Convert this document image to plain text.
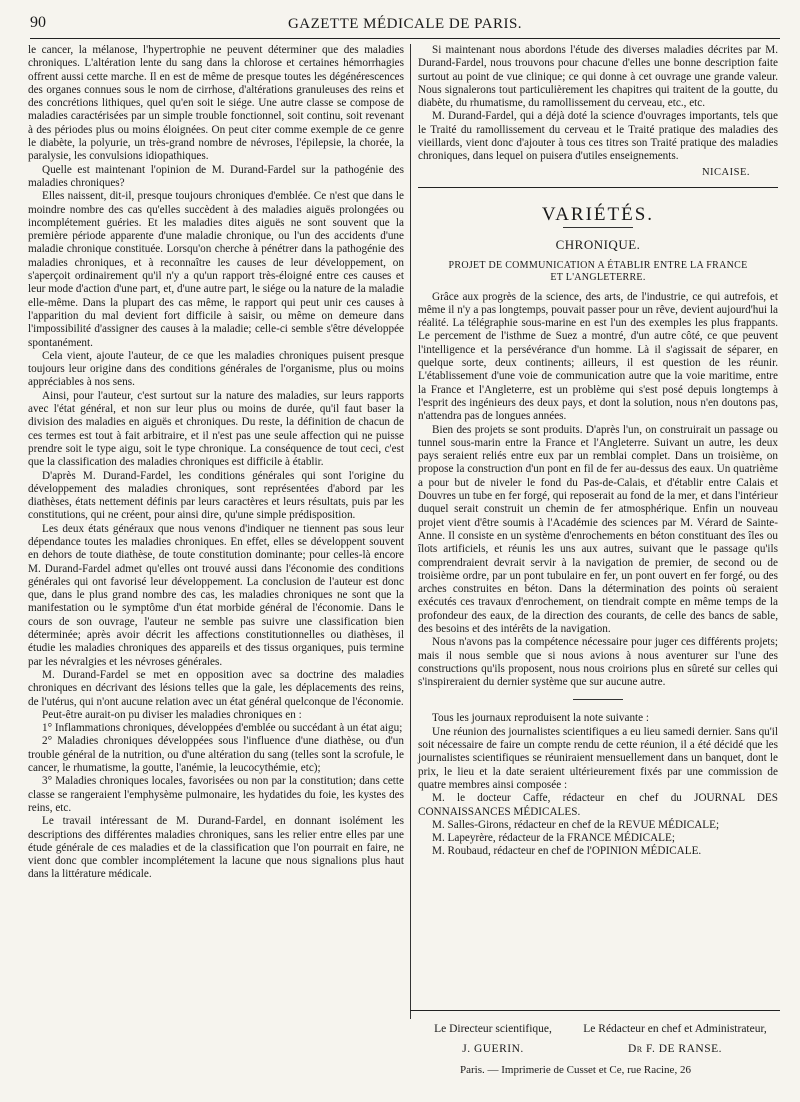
90	GAZETTE MÉDICALE DE PARIS.

le cancer, la mélanose, l'hypertrophie ne peuvent déterminer que des maladies chroniques. L'altération lente du sang dans la chlorose et certaines hémorrhagies offrent aussi cette marche. Il en est de même de presque toutes les dégénérescences des organes connues sous le nom de cirrhose, d'altérations granuleuses des reins et des concrétions lithiques, quel qu'en soit le siége. Une autre classe se compose de maladies caractérisées par un simple trouble fonctionnel, soit continu, soit revenant à des périodes plus ou moins éloignées. On peut citer comme exemple de ce genre le diabète, la polyurie, un très-grand nombre de névroses, l'épilepsie, la chorée, la paralysie, les convulsions idiopathiques.

Quelle est maintenant l'opinion de M. Durand-Fardel sur la pathogénie des maladies chroniques?

Elles naissent, dit-il, presque toujours chroniques d'emblée. Ce n'est que dans le moindre nombre des cas qu'elles succèdent à des maladies aiguës prolongées ou incomplétement guéries. Et les maladies dites aiguës ne sont souvent que la première période apparente d'une maladie chronique, ou l'un des accidents d'une maladie chronique constituée. Lorsqu'on cherche à pénétrer dans la pathogénie des maladies chroniques, et à reconnaître les causes de leur développement, on s'aperçoit ordinairement qu'il n'y a qu'un rapport très-éloigné entre ces causes et leur mode d'action d'une part, et, d'une autre part, le siége ou la nature de la maladie elle-même. Dans la plupart des cas même, le rapport qui peut unir ces causes à l'apparition du mal devient fort difficile à saisir, ou même on demeure dans l'impossibilité d'assigner des causes à la maladie; celle-ci semble s'être développée spontanément.

Cela vient, ajoute l'auteur, de ce que les maladies chroniques puisent presque toujours leur origine dans des conditions générales de l'organisme, plus ou moins appréciables à nos sens.

Ainsi, pour l'auteur, c'est surtout sur la nature des maladies, sur leurs rapports avec l'état général, et non sur leur plus ou moins de durée, qu'il faut baser la division des maladies en aiguës et chroniques. Du reste, la définition de chacun de ces termes est tout à fait arbitraire, et il n'est pas une seule affection qui ne puisse prendre soit le type aigu, soit le type chronique. La conséquence de tout ceci, c'est que la classification des maladies chroniques est difficile à établir.

D'après M. Durand-Fardel, les conditions générales qui sont l'origine du développement des maladies chroniques, sont représentées d'abord par les diathèses, états nettement définis par leurs caractères et leurs résultats, puis par les constitutions, qui ne créent, pour ainsi dire, qu'une simple prédisposition.

Les deux états généraux que nous venons d'indiquer ne tiennent pas sous leur dépendance toutes les maladies chroniques. En effet, elles se développent souvent en dehors de toute diathèse, de toute constitution dominante; pour celles-là encore M. Durand-Fardel admet qu'elles ont trouvé aussi dans l'économie des conditions générales qui ont favorisé leur développement. La conclusion de l'auteur est donc que, dans le plus grand nombre des cas, les maladies chroniques ne sont que la manifestation ou le symptôme d'un état morbide général de l'économie. Dans le cours de son ouvrage, l'auteur ne semble pas suivre une classification bien déterminée; après avoir décrit les affections constitutionnelles ou diathèses, il étudie les maladies chroniques des appareils et des tissus organiques, puis termine par les névralgies et les névroses générales.

M. Durand-Fardel se met en opposition avec sa doctrine des maladies chroniques en décrivant des lésions telles que la gale, les déplacements des reins, de l'utérus, qui n'ont aucune relation avec un état général quelconque de l'économie.

Peut-être aurait-on pu diviser les maladies chroniques en :

1° Inflammations chroniques, développées d'emblée ou succédant à un état aigu;

2° Maladies chroniques développées sous l'influence d'une diathèse, ou d'un trouble général de la nutrition, ou d'une altération du sang (telles sont la scrofule, le cancer, le rhumatisme, la goutte, l'anémie, la leucocythémie, etc);

3° Maladies chroniques locales, favorisées ou non par la constitution; dans cette classe se rangeraient l'emphysème pulmonaire, les hydatides du foie, les kystes des reins, etc.

Le travail intéressant de M. Durand-Fardel, en donnant isolément les descriptions des différentes maladies chroniques, sans les relier entre elles par une étude générale de ces maladies et de la classification que l'on pourrait en faire, ne vient donc que combler incomplétement la lacune que nous signalions plus haut dans la littérature médicale.

Si maintenant nous abordons l'étude des diverses maladies décrites par M. Durand-Fardel, nous trouvons pour chacune d'elles une bonne description faite surtout au point de vue clinique; ce qui donne à cet ouvrage une grande valeur. Nous signalerons tout particulièrement les chapitres qui traitent de la goutte, du diabète, du rhumatisme, du ramollissement du cerveau, etc., etc.

M. Durand-Fardel, qui a déjà doté la science d'ouvrages importants, tels que le Traité du ramollissement du cerveau et le Traité pratique des maladies des vieillards, vient donc d'ajouter à tous ces titres son Traité pratique des maladies chroniques, dans lequel on puisera d'utiles enseignements.

NICAISE.

VARIÉTÉS.
CHRONIQUE.
PROJET DE COMMUNICATION A ÉTABLIR ENTRE LA FRANCE
ET L'ANGLETERRE.

Grâce aux progrès de la science, des arts, de l'industrie, ce qui autrefois, et même il n'y a pas longtemps, pouvait passer pour un rêve, devient aujourd'hui la réalité. La télégraphie sous-marine en est l'un des exemples les plus frappants. Le percement de l'isthme de Suez a montré, d'un autre côté, ce que peuvent l'intelligence et la persévérance d'un homme. Là il s'agissait de séparer, en quelque sorte, deux continents; ailleurs, il est question de les réunir. L'établissement d'une voie de communication autre que la voie maritime, entre la France et l'Angleterre, est un problème qui s'est posé depuis longtemps à l'esprit des ingénieurs des deux pays, et dont la solution, nous n'en doutons pas, n'attendra pas de longues années.

Bien des projets se sont produits. D'après l'un, on construirait un passage ou tunnel sous-marin entre la France et l'Angleterre. Suivant un autre, les deux pays seraient reliés entre eux par un remblai complet. Dans un troisième, on propose la construction d'un pont en fil de fer au-dessus des eaux. Un quatrième a pour but de niveler le fond du Pas-de-Calais, et d'établir entre Calais et Douvres un tube en fer forgé, qui reposerait au fond de la mer, et dans l'intérieur duquel serait construit un chemin de fer atmosphérique. Enfin un nouveau projet vient d'être soumis à l'Académie des sciences par M. Vérard de Sainte-Anne. Il consiste en un système d'enrochements en béton constituant des îles ou îlots artificiels, et réunis les uns aux autres, suivant que le passage qu'ils comprendraient devrait servir à la navigation de premier, de second ou de troisième ordre, par un pont tubulaire en fer, un pont ouvert en fer forgé, ou des arches construites en béton. Dans la détermination des points où seraient exécutés ces travaux d'enrochement, on tiendrait compte en même temps de la profondeur des eaux, de la direction des courants, de celle des bancs de sable, des besoins et des intérêts de la navigation.

Nous n'avons pas la compétence nécessaire pour juger ces différents projets; mais il nous semble que si nous avions à nous aventurer sur l'une des constructions qu'ils proposent, nous nous croirions plus en sûreté sur celles qui s'inspireraient du dernier système que sur aucune autre.

Tous les journaux reproduisent la note suivante :

Une réunion des journalistes scientifiques a eu lieu samedi dernier. Sans qu'il soit nécessaire de faire un compte rendu de cette réunion, il a été décidé que les journalistes scientifiques se réuniraient mensuellement dans un banquet, dont le prix, le lieu et la date seraient ultérieurement fixés par une commission de quatre membres ainsi composée :

M. le docteur Caffe, rédacteur en chef du JOURNAL DES CONNAISSANCES MÉDICALES.

M. Salles-Girons, rédacteur en chef de la REVUE MÉDICALE;

M. Lapeyrère, rédacteur de la FRANCE MÉDICALE;

M. Roubaud, rédacteur en chef de l'OPINION MÉDICALE.

Le Directeur scientifique,
J. GUERIN.
Le Rédacteur en chef et Administrateur,
Dr F. DE RANSE.
Paris. — Imprimerie de Cusset et Ce, rue Racine, 26
